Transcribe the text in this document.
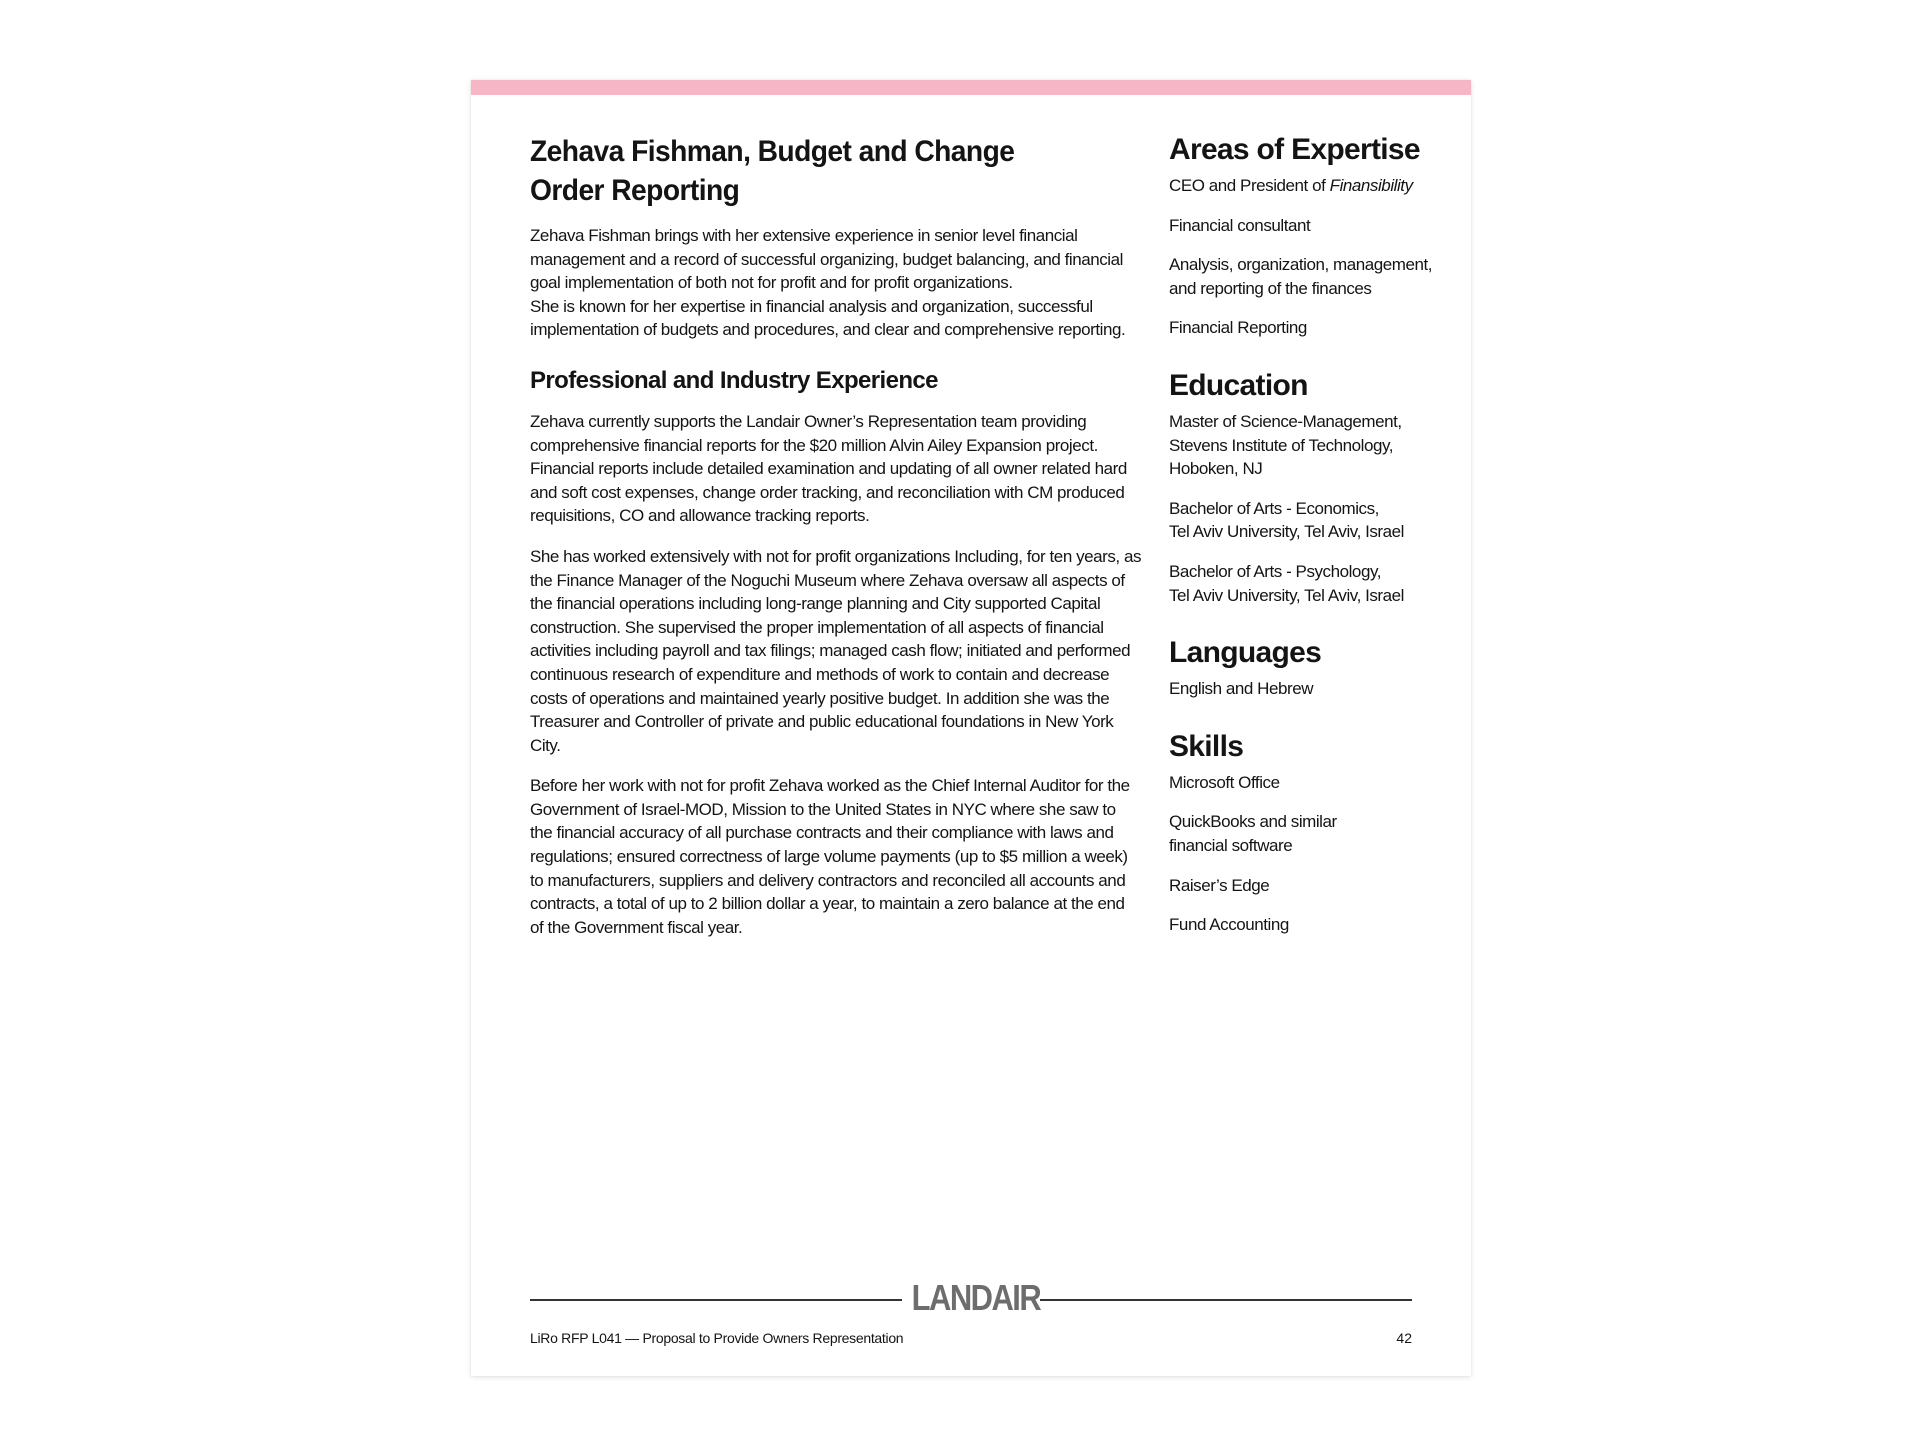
Zehava Fishman, Budget and Change Order Reporting

Zehava Fishman brings with her extensive experience in senior level financial management and a record of successful organizing, budget balancing, and financial goal implementation of both not for profit and for profit organizations.
She is known for her expertise in financial analysis and organization, successful implementation of budgets and procedures, and clear and comprehensive reporting.

Professional and Industry Experience

Zehava currently supports the Landair Owner’s Representation team providing comprehensive financial reports for the $20 million Alvin Ailey Expansion project. Financial reports include detailed examination and updating of all owner related hard and soft cost expenses, change order tracking, and reconciliation with CM produced requisitions, CO and allowance tracking reports.

She has worked extensively with not for profit organizations Including, for ten years, as the Finance Manager of the Noguchi Museum where Zehava oversaw all aspects of the financial operations including long-range planning and City supported Capital construction. She supervised the proper implementation of all aspects of financial activities including payroll and tax filings; managed cash flow; initiated and performed continuous research of expenditure and methods of work to contain and decrease costs of operations and maintained yearly positive budget. In addition she was the Treasurer and Controller of private and public educational foundations in New York City.

Before her work with not for profit Zehava worked as the Chief Internal Auditor for the Government of Israel-MOD, Mission to the United States in NYC where she saw to the financial accuracy of all purchase contracts and their compliance with laws and regulations; ensured correctness of large volume payments (up to $5 million a week) to manufacturers, suppliers and delivery contractors and reconciled all accounts and contracts, a total of up to 2 billion dollar a year, to maintain a zero balance at the end of the Government fiscal year.

Areas of Expertise

CEO and President of Finansibility

Financial consultant

Analysis, organization, management, and reporting of the finances

Financial Reporting

Education

Master of Science-Management,
Stevens Institute of Technology,
Hoboken, NJ

Bachelor of Arts - Economics,
Tel Aviv University, Tel Aviv, Israel

Bachelor of Arts - Psychology,
Tel Aviv University, Tel Aviv, Israel

Languages

English and Hebrew

Skills

Microsoft Office

QuickBooks and similar
financial software

Raiser’s Edge

Fund Accounting

LANDAIR
LiRo RFP L041 — Proposal to Provide Owners Representation	42
